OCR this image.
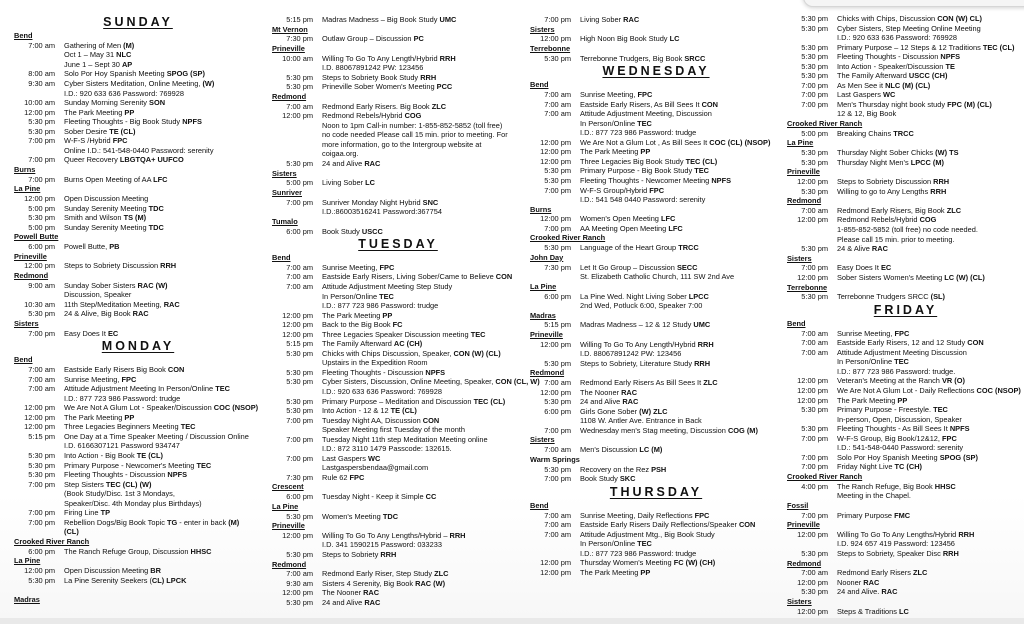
SUNDAY
Bend
7:00 am	Gathering of Men (M)
Oct 1 – May 31 NLC
June 1 – Sept 30 AP
8:00 am	Solo Por Hoy Spanish Meeting SPOG (SP)
9:30 am	Cyber Sisters Meditation, Online Meeting, (W)
I.D.: 920 633 636 Password: 769928
10:00 am	Sunday Morning Serenity SON
12:00 pm	The Park Meeting PP
5:30 pm	Fleeting Thoughts - Big Book Study NPFS
5:30 pm	Sober Desire TE (CL)
7:00 pm	W-F-S /Hybrid FPC
Online I.D.: 541-548-0440 Password: serenity
7:00 pm	Queer Recovery LBGTQA+ UUFCO
Burns
7:00 pm	Burns Open Meeting of AA LFC
La Pine
12:00 pm	Open Discussion Meeting
5:00 pm	Sunday Serenity Meeting TDC
5:30 pm	Smith and Wilson TS (M)
5:00 pm	Sunday Serenity Meeting TDC
Powell Butte
6:00 pm	Powell Butte, PB
Prineville
12:00 pm	Steps to Sobriety Discussion RRH
Redmond
9:00 am	Sunday Sober Sisters RAC (W)
Discussion, Speaker
10:30 am	11th Step/Meditation Meeting, RAC
5:30 pm	24 & Alive, Big Book RAC
Sisters
7:00 pm	Easy Does It EC
MONDAY
Bend
7:00 am	Eastside Early Risers Big Book CON
7:00 am	Sunrise Meeting, FPC
7:00 am	Attitude Adjustment Meeting In Person/Online TEC
I.D.: 877 723 986 Password: trudge
12:00 pm	We Are Not A Glum Lot - Speaker/Discussion COC (NSOP)
12:00 pm	The Park Meeting PP
12:00 pm	Three Legacies Beginners Meeting TEC
5:15 pm	One Day at a Time Speaker Meeting / Discussion Online
I.D. 6166307121 Password 934747
5:30 pm	Into Action - Big Book TE (CL)
5:30 pm	Primary Purpose - Newcomer's Meeting TEC
5:30 pm	Fleeting Thoughts - Discussion NPFS
7:00 pm	Step Sisters TEC (CL) (W)
(Book Study/Disc. 1st 3 Mondays,
Speaker/Disc. 4th Monday plus Birthdays)
7:00 pm	Firing Line TP
7:00 pm	Rebellion Dogs/Big Book Topic TG - enter in back (M)
(CL)
Crooked River Ranch
6:00 pm	The Ranch Refuge Group, Discussion HHSC
La Pine
12:00 pm	Open Discussion Meeting BR
5:30 pm	La Pine Serenity Seekers (CL) LPCK
Madras
5:15 pm	Madras Madness – Big Book Study UMC
Mt Vernon
7:30 pm	Outlaw Group – Discussion PC
Prineville
10:00 am	Willing To Go To Any Length/Hybrid RRH
I.D. 88067891242 PW: 123456
5:30 pm	Steps to Sobriety Book Study RRH
5:30 pm	Prineville Sober Women's Meeting PCC
Redmond
7:00 am	Redmond Early Risers. Big Book ZLC
12:00 pm	Redmond Rebels/Hybrid COG
Noon to 1pm Call-in number: 1-855-852-5852 (toll free)
no code needed Please call 15 min. prior to meeting. For
more information, go to the Intergroup website at
coigaa.org.
5:30 pm	24 and Alive RAC
Sisters
5:00 pm	Living Sober LC
Sunriver
7:00 pm	Sunriver Monday Night Hybrid SNC
I.D.:86003516241 Password:367754
Tumalo
6:00 pm	Book Study USCC
TUESDAY
Bend
7:00 am	Sunrise Meeting, FPC
7:00 am	Eastside Early Risers, Living Sober/Came to Believe CON
7:00 am	Attitude Adjustment Meeting Step Study
In Person/Online TEC
I.D.: 877 723 986 Password: trudge
12:00 pm	The Park Meeting PP
12:00 pm	Back to the Big Book FC
12:00 pm	Three Legacies Speaker Discussion meeting TEC
5:15 pm	The Family Afterward AC (CH)
5:30 pm	Chicks with Chips Discussion, Speaker, CON (W) (CL)
Upstairs in the Expedition Room
5:30 pm	Fleeting Thoughts - Discussion NPFS
5:30 pm	Cyber Sisters, Discussion, Online Meeting, Speaker, CON (CL, W)
I.D.: 920 633 636 Password: 769928
5:30 pm	Primary Purpose – Meditation and Discussion TEC (CL)
5:30 pm	Into Action - 12 & 12 TE (CL)
7:00 pm	Tuesday Night AA, Discussion CON
Speaker Meeting first Tuesday of the month
7:00 pm	Tuesday Night 11th step Meditation Meeting online
I.D.: 872 3110 1479 Passcode: 132615.
7:00 pm	Last Gaspers WC
Lastgaspersbendaa@gmail.com
7:30 pm	Rule 62 FPC
Crescent
6:00 pm	Tuesday Night - Keep it Simple CC
La Pine
5:30 pm	Women's Meeting TDC
Prineville
12:00 pm	Willing To Go To Any Lengths/Hybrid – RRH
I.D. 341 1590215 Password: 033233
5:30 pm	Steps to Sobriety RRH
Redmond
7:00 am	Redmond Early Riser, Step Study ZLC
9:30 am	Sisters 4 Serenity, Big Book RAC (W)
12:00 pm	The Nooner RAC
5:30 pm	24 and Alive RAC
7:00 pm	Living Sober RAC
Sisters
12:00 pm	High Noon Big Book Study LC
Terrebonne
5:30 pm	Terrebonne Trudgers, Big Book SRCC
WEDNESDAY
Bend
7:00 am	Sunrise Meeting, FPC
7:00 am	Eastside Early Risers, As Bill Sees It CON
7:00 am	Attitude Adjustment Meeting, Discussion
In Person/Online TEC
I.D.: 877 723 986 Password: trudge
12:00 pm	We Are Not a Glum Lot , As Bill Sees It COC (CL) (NSOP)
12:00 pm	The Park Meeting PP
12:00 pm	Three Legacies Big Book Study TEC (CL)
5:30 pm	Primary Purpose - Big Book Study TEC
5:30 pm	Fleeting Thoughts - Newcomer Meeting NPFS
7:00 pm	W-F-S Group/Hybrid FPC
I.D.: 541 548 0440 Password: serenity
Burns
12:00 pm	Women's Open Meeting LFC
7:00 pm	AA Meeting Open Meeting LFC
Crooked River Ranch
5:30 pm	Language of the Heart Group TRCC
John Day
7:30 pm	Let It Go Group – Discussion SECC
St. Elizabeth Catholic Church, 111 SW 2nd Ave
La Pine
6:00 pm	La Pine Wed. Night Living Sober LPCC
2nd Wed, Potluck 6:00, Speaker 7:00
Madras
5:15 pm	Madras Madness – 12 & 12 Study UMC
Prineville
12:00 pm	Willing To Go To Any Length/Hybrid RRH
I.D. 88067891242 PW: 123456
5:30 pm	Steps to Sobriety, Literature Study RRH
Redmond
7:00 am	Redmond Early Risers As Bill Sees It ZLC
12:00 pm	The Nooner RAC
5:30 pm	24 and Alive RAC
6:00 pm	Girls Gone Sober (W) ZLC
1108 W. Antler Ave. Entrance in Back
7:00 pm	Wednesday men's Stag meeting, Discussion COG (M)
Sisters
7:00 am	Men's Discussion LC (M)
Warm Springs
5:30 pm	Recovery on the Rez PSH
7:00 pm	Book Study SKC
THURSDAY
Bend
7:00 am	Sunrise Meeting, Daily Reflections FPC
7:00 am	Eastside Early Risers Daily Reflections/Speaker CON
7:00 am	Attitude Adjustment Mtg., Big Book Study
In Person/Online TEC
I.D.: 877 723 986 Password: trudge
12:00 pm	Thursday Women's Meeting FC (W) (CH)
12:00 pm	The Park Meeting PP
5:30 pm	Chicks with Chips, Discussion CON (W) CL)
5:30 pm	Cyber Sisters, Step Meeting Online Meeting
I.D.: 920 633 636 Password: 769928
5:30 pm	Primary Purpose – 12 Steps & 12 Traditions TEC (CL)
5:30 pm	Fleeting Thoughts - Discussion NPFS
5:30 pm	Into Action - Speaker/Discussion TE
5:30 pm	The Family Afterward USCC (CH)
7:00 pm	As Men See it NLC (M) (CL)
7:00 pm	Last Gaspers WC
7:00 pm	Men's Thursday night book study FPC (M) (CL)
12 & 12, Big Book
Crooked River Ranch
5:00 pm	Breaking Chains TRCC
La Pine
5:30 pm	Thursday Night Sober Chicks (W) TS
5:30 pm	Thursday Night Men's LPCC (M)
Prineville
12:00 pm	Steps to Sobriety Discussion RRH
5:30 pm	Willing to go to Any Lengths RRH
Redmond
7:00 am	Redmond Early Risers, Big Book ZLC
12:00 pm	Redmond Rebels/Hybrid COG
1-855-852-5852 (toll free) no code needed.
Please call 15 min. prior to meeting.
5:30 pm	24 & Alive RAC
Sisters
7:00 pm	Easy Does It EC
12:00 pm	Sober Sisters Women's Meeting LC (W) (CL)
Terrebonne
5:30 pm	Terrebonne Trudgers SRCC (SL)
FRIDAY
Bend
7:00 am	Sunrise Meeting, FPC
7:00 am	Eastside Early Risers, 12 and 12 Study CON
7:00 am	Attitude Adjustment Meeting Discussion
In Person/Online TEC
I.D.: 877 723 986 Password: trudge.
12:00 pm	Veteran's Meeting at the Ranch VR (O)
12:00 pm	We Are Not A Glum Lot - Daily Reflections COC (NSOP)
12:00 pm	The Park Meeting PP
5:30 pm	Primary Purpose - Freestyle. TEC
In-person, Open, Discussion, Speaker
5:30 pm	Fleeting Thoughts - As Bill Sees It NPFS
7:00 pm	W-F-S Group, Big Book/12&12, FPC
I.D.: 541-548-0440 Password: serenity
7:00 pm	Solo Por Hoy Spanish Meeting SPOG (SP)
7:00 pm	Friday Night Live TC (CH)
Crooked River Ranch
4:00 pm	The Ranch Refuge, Big Book HHSC
Meeting in the Chapel.
Fossil
7:00 pm	Primary Purpose FMC
Prineville
12:00 pm	Willing To Go To Any Lengths/Hybrid RRH
I.D. 924 657 419 Password: 123456
5:30 pm	Steps to Sobriety, Speaker Disc RRH
Redmond
7:00 am	Redmond Early Risers ZLC
12:00 pm	Nooner RAC
5:30 pm	24 and Alive. RAC
Sisters
12:00 pm	Steps & Traditions LC
